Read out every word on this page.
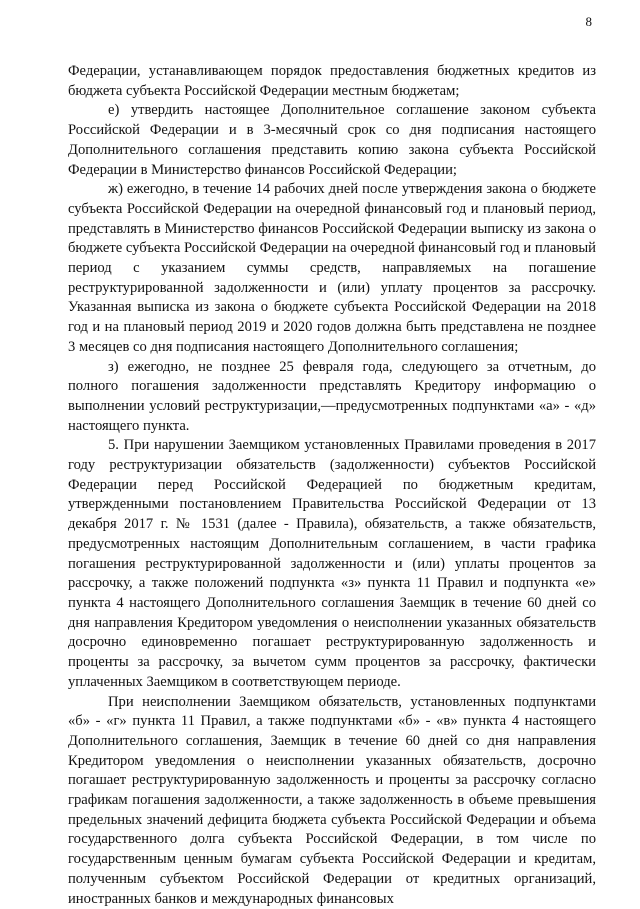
8

Федерации, устанавливающем порядок предоставления бюджетных кредитов из бюджета субъекта Российской Федерации местным бюджетам;

е) утвердить настоящее Дополнительное соглашение законом субъекта Российской Федерации и в 3-месячный срок со дня подписания настоящего Дополнительного соглашения представить копию закона субъекта Российской Федерации в Министерство финансов Российской Федерации;

ж) ежегодно, в течение 14 рабочих дней после утверждения закона о бюджете субъекта Российской Федерации на очередной финансовый год и плановый период, представлять в Министерство финансов Российской Федерации выписку из закона о бюджете субъекта Российской Федерации на очередной финансовый год и плановый период с указанием суммы средств, направляемых на погашение реструктурированной задолженности и (или) уплату процентов за рассрочку. Указанная выписка из закона о бюджете субъекта Российской Федерации на 2018 год и на плановый период 2019 и 2020 годов должна быть представлена не позднее 3 месяцев со дня подписания настоящего Дополнительного соглашения;

з) ежегодно, не позднее 25 февраля года, следующего за отчетным, до полного погашения задолженности представлять Кредитору информацию о выполнении условий реструктуризации,—предусмотренных подпунктами «а» - «д» настоящего пункта.

5. При нарушении Заемщиком установленных Правилами проведения в 2017 году реструктуризации обязательств (задолженности) субъектов Российской Федерации перед Российской Федерацией по бюджетным кредитам, утвержденными постановлением Правительства Российской Федерации от 13 декабря 2017 г. № 1531 (далее - Правила), обязательств, а также обязательств, предусмотренных настоящим Дополнительным соглашением, в части графика погашения реструктурированной задолженности и (или) уплаты процентов за рассрочку, а также положений подпункта «з» пункта 11 Правил и подпункта «е» пункта 4 настоящего Дополнительного соглашения Заемщик в течение 60 дней со дня направления Кредитором уведомления о неисполнении указанных обязательств досрочно единовременно погашает реструктурированную задолженность и проценты за рассрочку, за вычетом сумм процентов за рассрочку, фактически уплаченных Заемщиком в соответствующем периоде.

При неисполнении Заемщиком обязательств, установленных подпунктами «б» - «г» пункта 11 Правил, а также подпунктами «б» - «в» пункта 4 настоящего Дополнительного соглашения, Заемщик в течение 60 дней со дня направления Кредитором уведомления о неисполнении указанных обязательств, досрочно погашает реструктурированную задолженность и проценты за рассрочку согласно графикам погашения задолженности, а также задолженность в объеме превышения предельных значений дефицита бюджета субъекта Российской Федерации и объема государственного долга субъекта Российской Федерации, в том числе по государственным ценным бумагам субъекта Российской Федерации и кредитам, полученным субъектом Российской Федерации от кредитных организаций, иностранных банков и международных финансовых
